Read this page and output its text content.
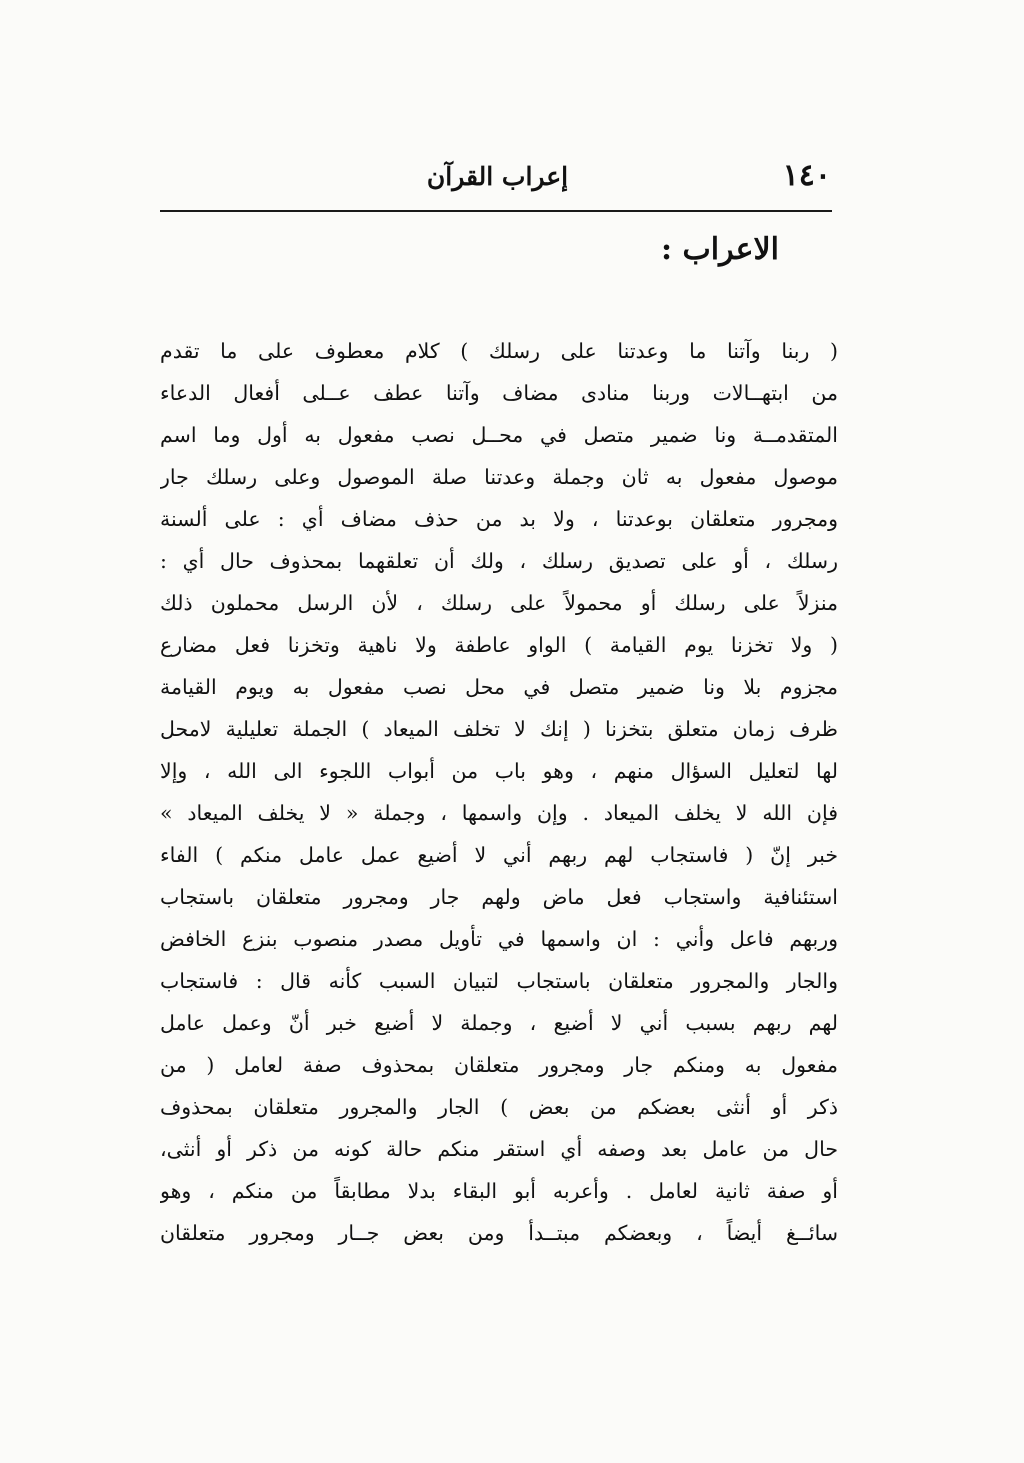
١٤٠
إعراب القرآن
الاعراب :
( ربنا وآتنا ما وعدتنا على رسلك ) كلام معطوف على ما تقدم
من ابتهــالات وربنا منادى مضاف وآتنا عطف عــلى أفعال الدعاء
المتقدمــة ونا ضمير متصل في محــل نصب مفعول به أول وما اسم
موصول مفعول به ثان وجملة وعدتنا صلة الموصول وعلى رسلك جار
ومجرور متعلقان بوعدتنا ، ولا بد من حذف مضاف أي : على ألسنة
رسلك ، أو على تصديق رسلك ، ولك أن تعلقهما بمحذوف حال أي :
منزلاً على رسلك أو محمولاً على رسلك ، لأن الرسل محملون ذلك
( ولا تخزنا يوم القيامة ) الواو عاطفة ولا ناهية وتخزنا فعل مضارع
مجزوم بلا ونا ضمير متصل في محل نصب مفعول به ويوم القيامة
ظرف زمان متعلق بتخزنا ( إنك لا تخلف الميعاد ) الجملة تعليلية لامحل
لها لتعليل السؤال منهم ، وهو باب من أبواب اللجوء الى الله ، وإلا
فإن الله لا يخلف الميعاد . وإن واسمها ، وجملة « لا يخلف الميعاد »
خبر إنّ ( فاستجاب لهم ربهم أني لا أضيع عمل عامل منكم ) الفاء
استئنافية واستجاب فعل ماض ولهم جار ومجرور متعلقان باستجاب
وربهم فاعل وأني : ان واسمها في تأويل مصدر منصوب بنزع الخافض
والجار والمجرور متعلقان باستجاب لتبيان السبب كأنه قال : فاستجاب
لهم ربهم بسبب أني لا أضيع ، وجملة لا أضيع خبر أنّ وعمل عامل
مفعول به ومنكم جار ومجرور متعلقان بمحذوف صفة لعامل ( من
ذكر أو أنثى بعضكم من بعض ) الجار والمجرور متعلقان بمحذوف
حال من عامل بعد وصفه أي استقر منكم حالة كونه من ذكر أو أنثى،
أو صفة ثانية لعامل . وأعربه أبو البقاء بدلا مطابقاً من منكم ، وهو
سائــغ أيضاً ، وبعضكم مبتــدأ ومن بعض جــار ومجرور متعلقان
